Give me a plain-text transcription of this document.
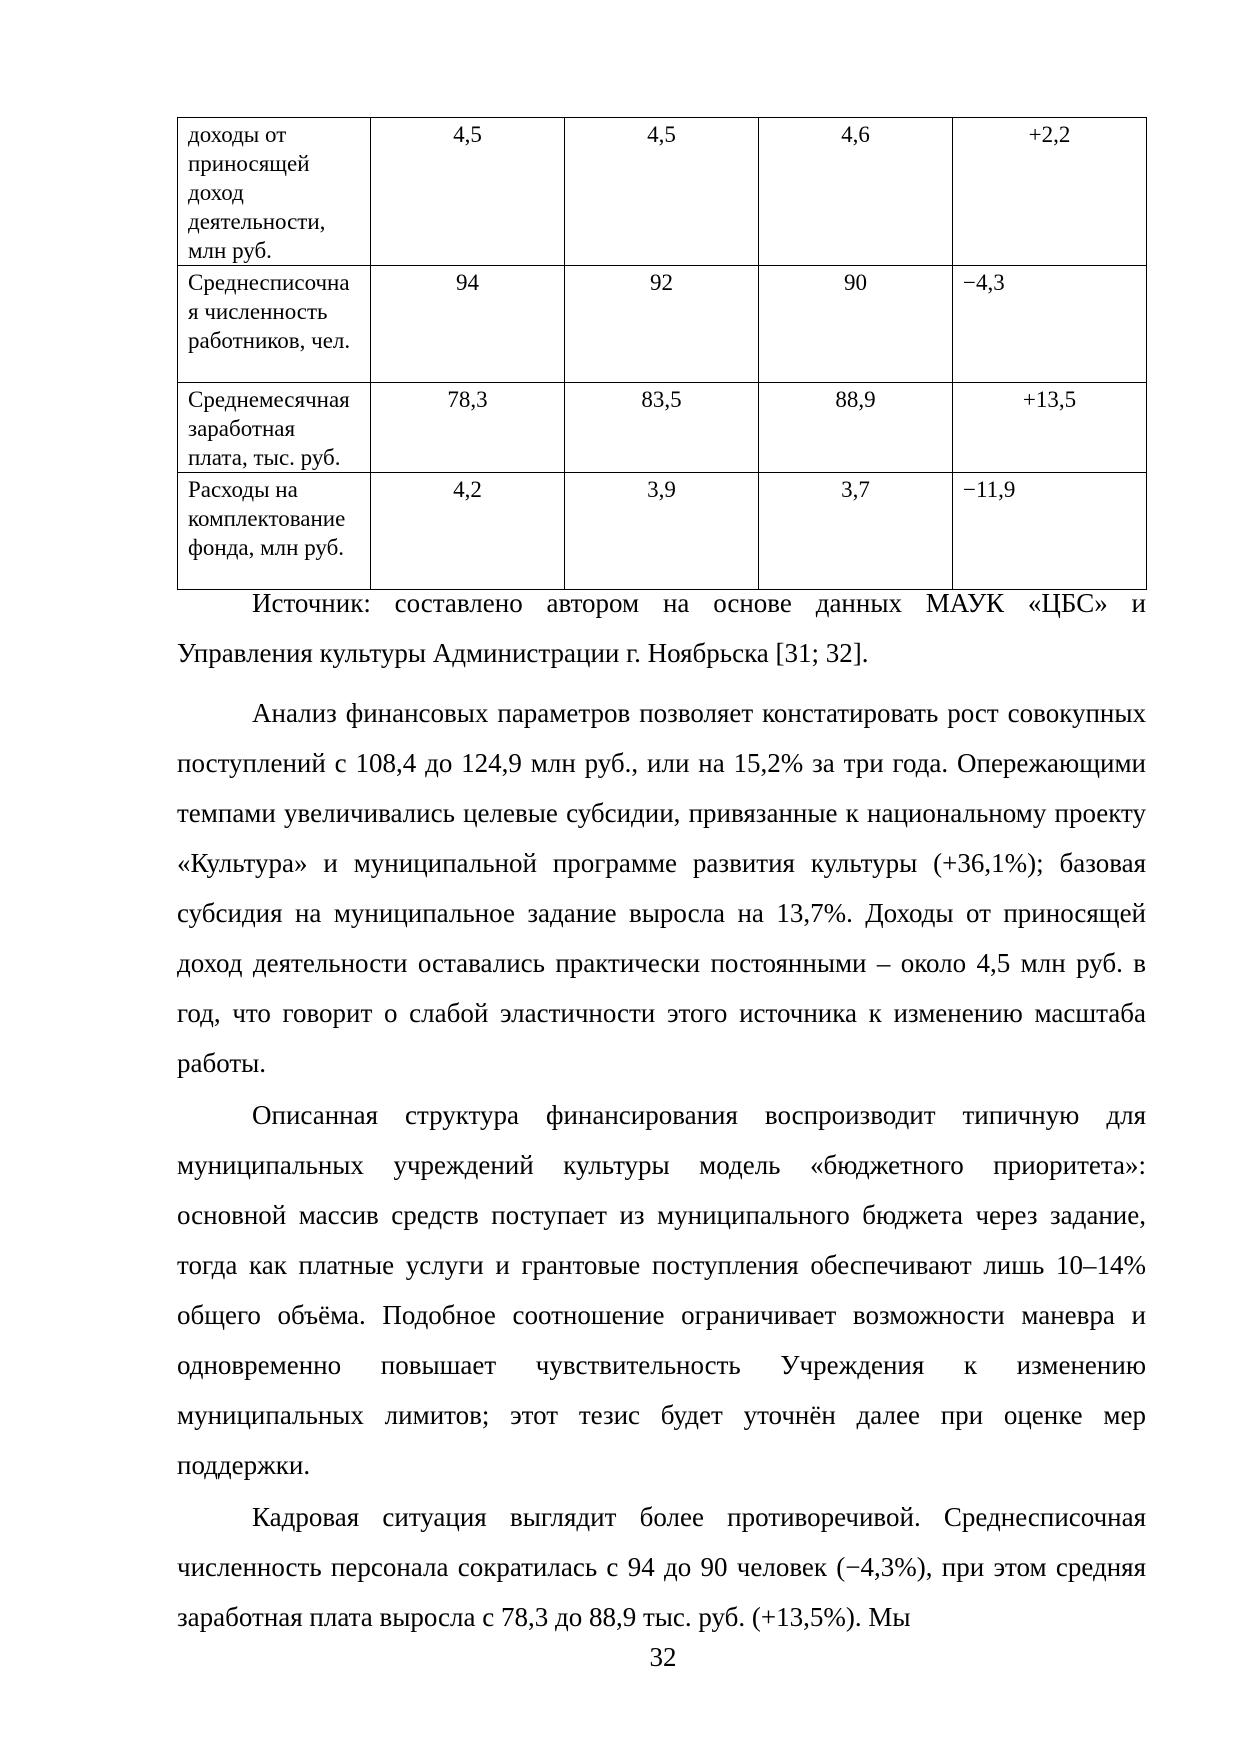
доходы от приносящей доход деятельности, млн руб.	4,5	4,5	4,6	+2,2
Среднесписочная численность работников, чел.	94	92	90	−4,3
Среднемесячная заработная плата, тыс. руб.	78,3	83,5	88,9	+13,5
Расходы на комплектование фонда, млн руб.	4,2	3,9	3,7	−11,9

Источник: составлено автором на основе данных МАУК «ЦБС» и Управления культуры Администрации г. Ноябрьска [31; 32].

Анализ финансовых параметров позволяет констатировать рост совокупных поступлений с 108,4 до 124,9 млн руб., или на 15,2% за три года. Опережающими темпами увеличивались целевые субсидии, привязанные к национальному проекту «Культура» и муниципальной программе развития культуры (+36,1%); базовая субсидия на муниципальное задание выросла на 13,7%. Доходы от приносящей доход деятельности оставались практически постоянными – около 4,5 млн руб. в год, что говорит о слабой эластичности этого источника к изменению масштаба работы.

Описанная структура финансирования воспроизводит типичную для муниципальных учреждений культуры модель «бюджетного приоритета»: основной массив средств поступает из муниципального бюджета через задание, тогда как платные услуги и грантовые поступления обеспечивают лишь 10–14% общего объёма. Подобное соотношение ограничивает возможности маневра и одновременно повышает чувствительность Учреждения к изменению муниципальных лимитов; этот тезис будет уточнён далее при оценке мер поддержки.

Кадровая ситуация выглядит более противоречивой. Среднесписочная численность персонала сократилась с 94 до 90 человек (−4,3%), при этом средняя заработная плата выросла с 78,3 до 88,9 тыс. руб. (+13,5%). Мы

32
